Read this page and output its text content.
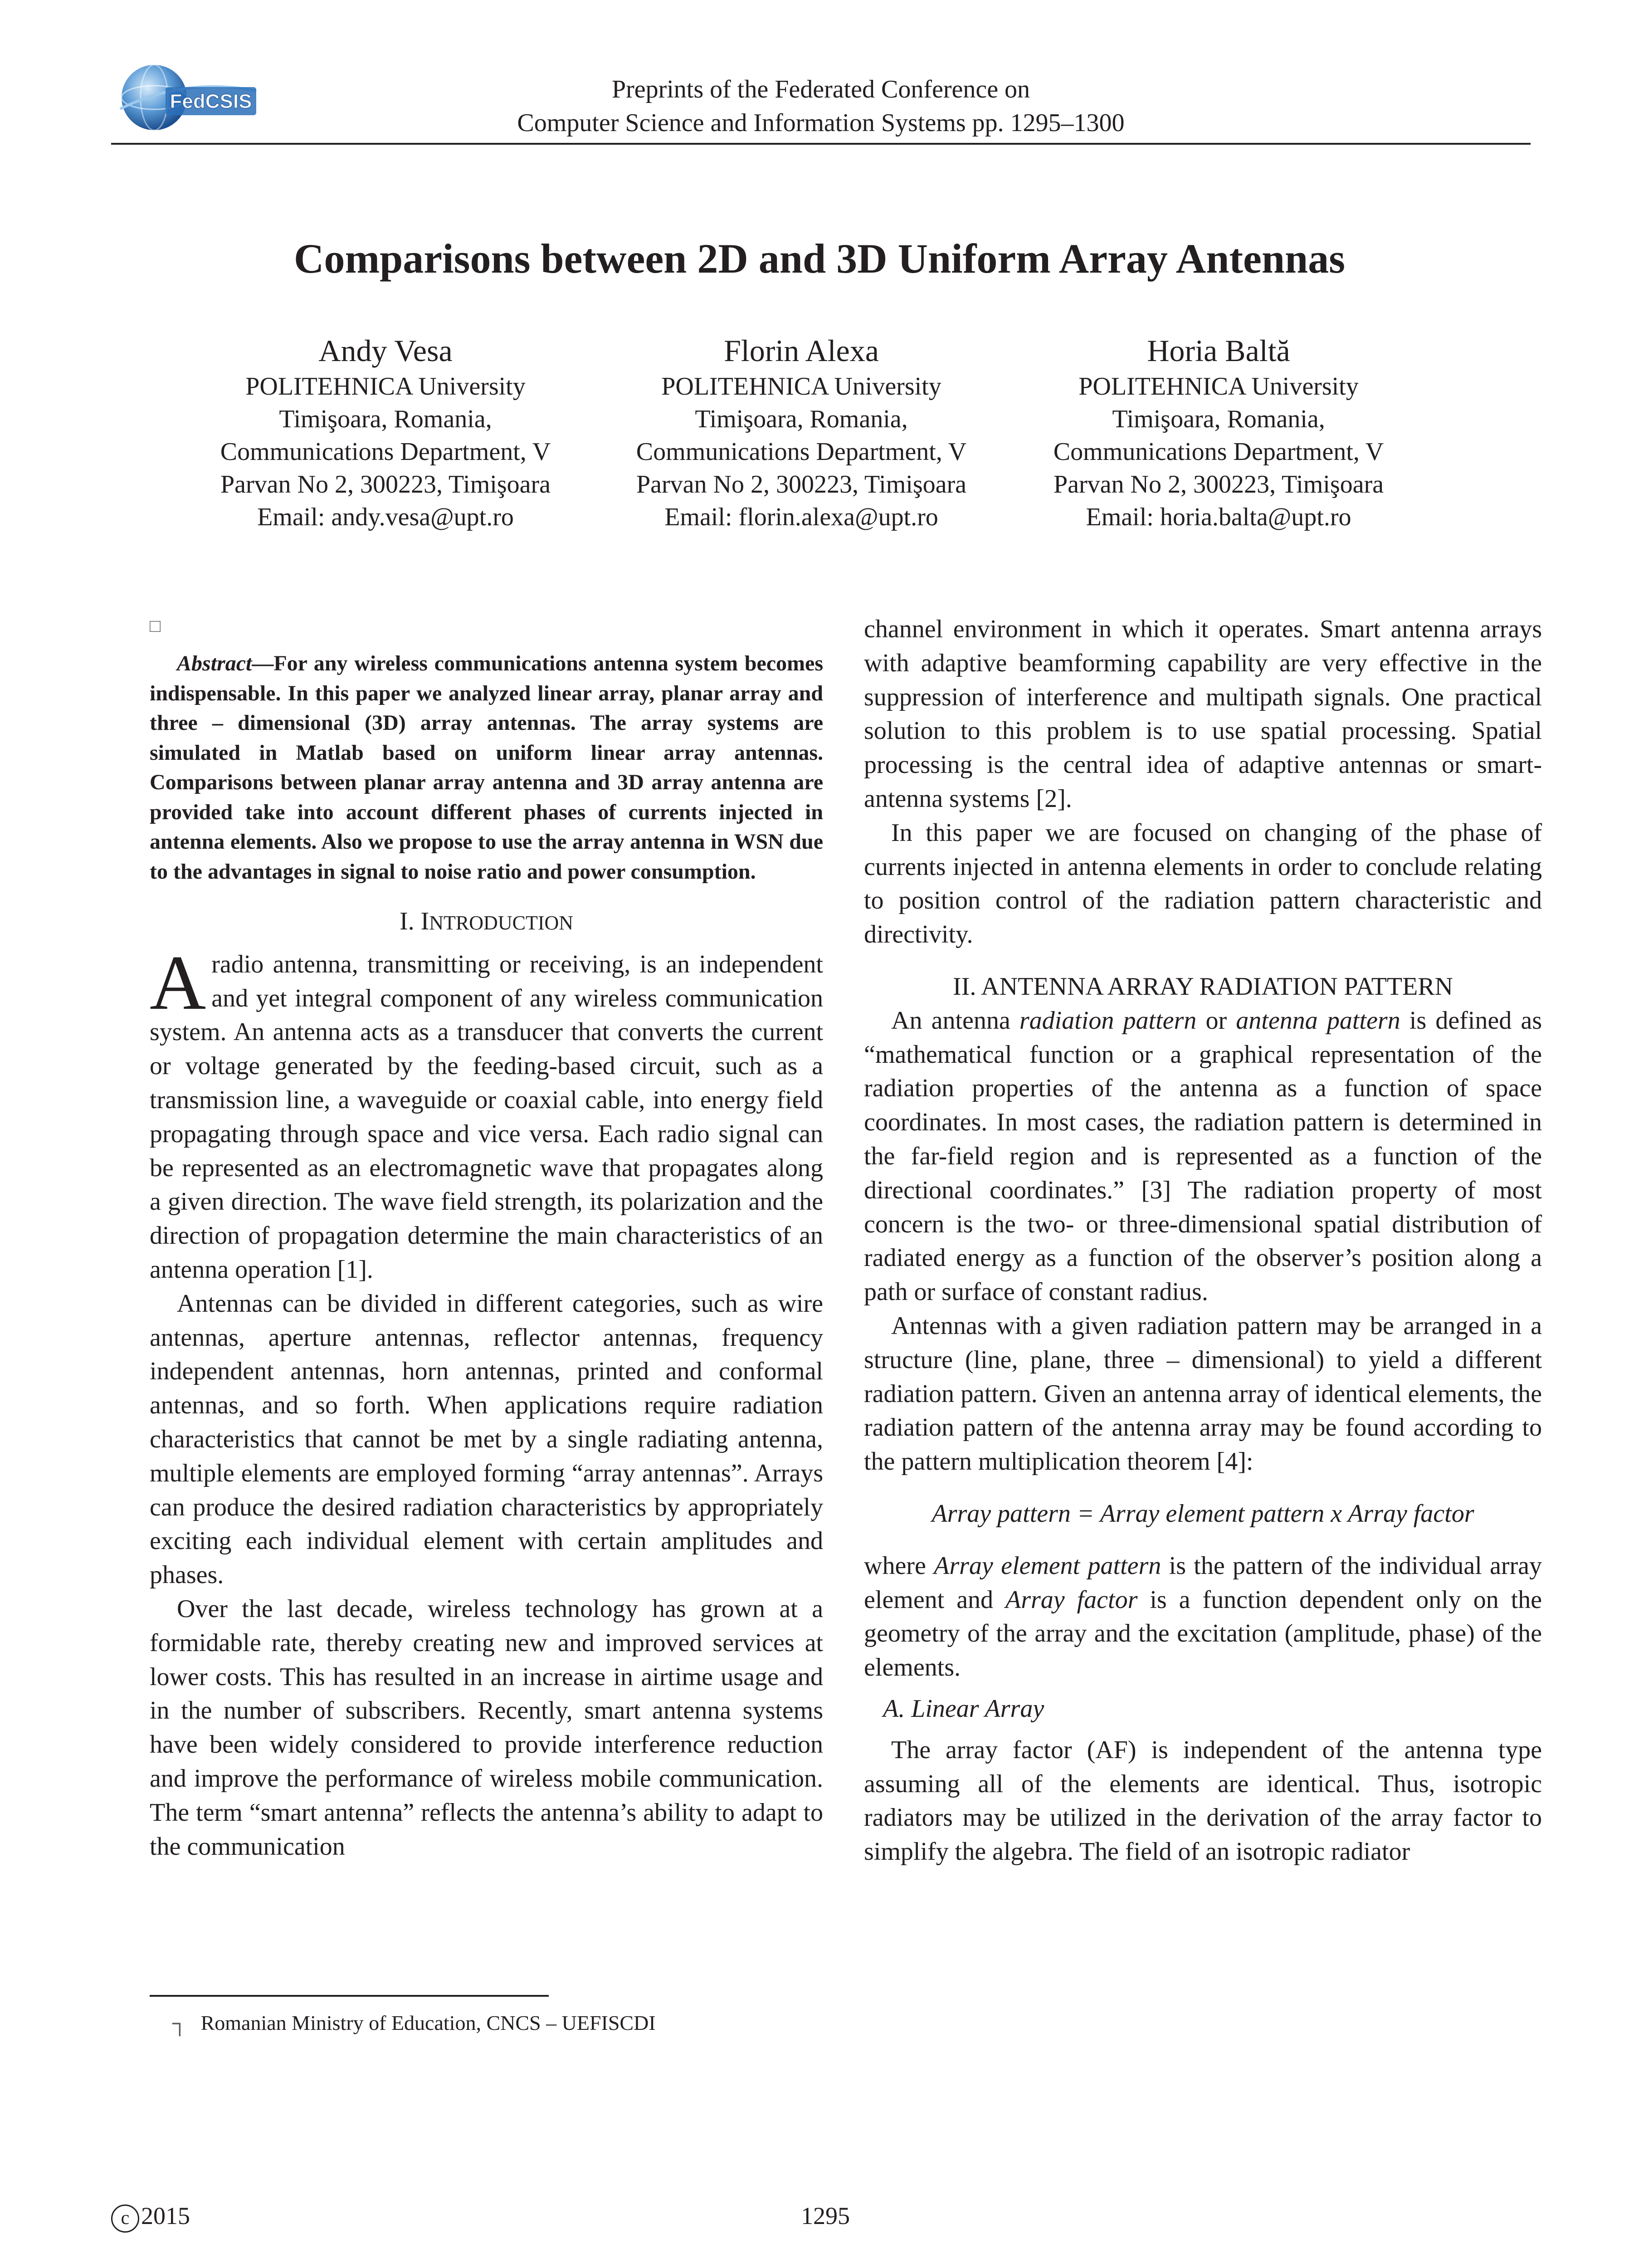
FedCSIS	Preprints of the Federated Conference on
Computer Science and Information Systems pp. 1295–1300
Comparisons between 2D and 3D Uniform Array Antennas
Andy Vesa
POLITEHNICA University
Timişoara, Romania,
Communications Department, V
Parvan No 2, 300223, Timişoara
Email: andy.vesa@upt.ro
Florin Alexa
POLITEHNICA University
Timişoara, Romania,
Communications Department, V
Parvan No 2, 300223, Timişoara
Email: florin.alexa@upt.ro
Horia Baltă
POLITEHNICA University
Timişoara, Romania,
Communications Department, V
Parvan No 2, 300223, Timişoara
Email: horia.balta@upt.ro
□

Abstract—For any wireless communications antenna system becomes indispensable. In this paper we analyzed linear array, planar array and three – dimensional (3D) array antennas. The array systems are simulated in Matlab based on uniform linear array antennas. Comparisons between planar array antenna and 3D array antenna are provided take into account different phases of currents injected in antenna elements. Also we propose to use the array antenna in WSN due to the advantages in signal to noise ratio and power consumption.

I. INTRODUCTION

Aradio antenna, transmitting or receiving, is an independent and yet integral component of any wireless communication system. An antenna acts as a transducer that converts the current or voltage generated by the feeding-based circuit, such as a transmission line, a waveguide or coaxial cable, into energy field propagating through space and vice versa. Each radio signal can be represented as an electromagnetic wave that propagates along a given direction. The wave field strength, its polarization and the direction of propagation determine the main characteristics of an antenna operation [1].

Antennas can be divided in different categories, such as wire antennas, aperture antennas, reflector antennas, frequency independent antennas, horn antennas, printed and conformal antennas, and so forth. When applications require radiation characteristics that cannot be met by a single radiating antenna, multiple elements are employed forming “array antennas”. Arrays can produce the desired radiation characteristics by appropriately exciting each individual element with certain amplitudes and phases.

Over the last decade, wireless technology has grown at a formidable rate, thereby creating new and improved services at lower costs. This has resulted in an increase in airtime usage and in the number of subscribers. Recently, smart antenna systems have been widely considered to provide interference reduction and improve the performance of wireless mobile communication. The term “smart antenna” reflects the antenna’s ability to adapt to the communication

channel environment in which it operates. Smart antenna arrays with adaptive beamforming capability are very effective in the suppression of interference and multipath signals. One practical solution to this problem is to use spatial processing. Spatial processing is the central idea of adaptive antennas or smart-antenna systems [2].

In this paper we are focused on changing of the phase of currents injected in antenna elements in order to conclude relating to position control of the radiation pattern characteristic and directivity.

II. ANTENNA ARRAY RADIATION PATTERN

An antenna radiation pattern or antenna pattern is defined as “mathematical function or a graphical representation of the radiation properties of the antenna as a function of space coordinates. In most cases, the radiation pattern is determined in the far-field region and is represented as a function of the directional coordinates.” [3] The radiation property of most concern is the two- or three-dimensional spatial distribution of radiated energy as a function of the observer’s position along a path or surface of constant radius.

Antennas with a given radiation pattern may be arranged in a structure (line, plane, three – dimensional) to yield a different radiation pattern. Given an antenna array of identical elements, the radiation pattern of the antenna array may be found according to the pattern multiplication theorem [4]:

Array pattern = Array element pattern x Array factor

where Array element pattern is the pattern of the individual array element and Array factor is a function dependent only on the geometry of the array and the excitation (amplitude, phase) of the elements.

A. Linear Array

The array factor (AF) is independent of the antenna type assuming all of the elements are identical. Thus, isotropic radiators may be utilized in the derivation of the array factor to simplify the algebra. The field of an isotropic radiator

┐ Romanian Ministry of Education, CNCS – UEFISCDI
c 2015	1295
